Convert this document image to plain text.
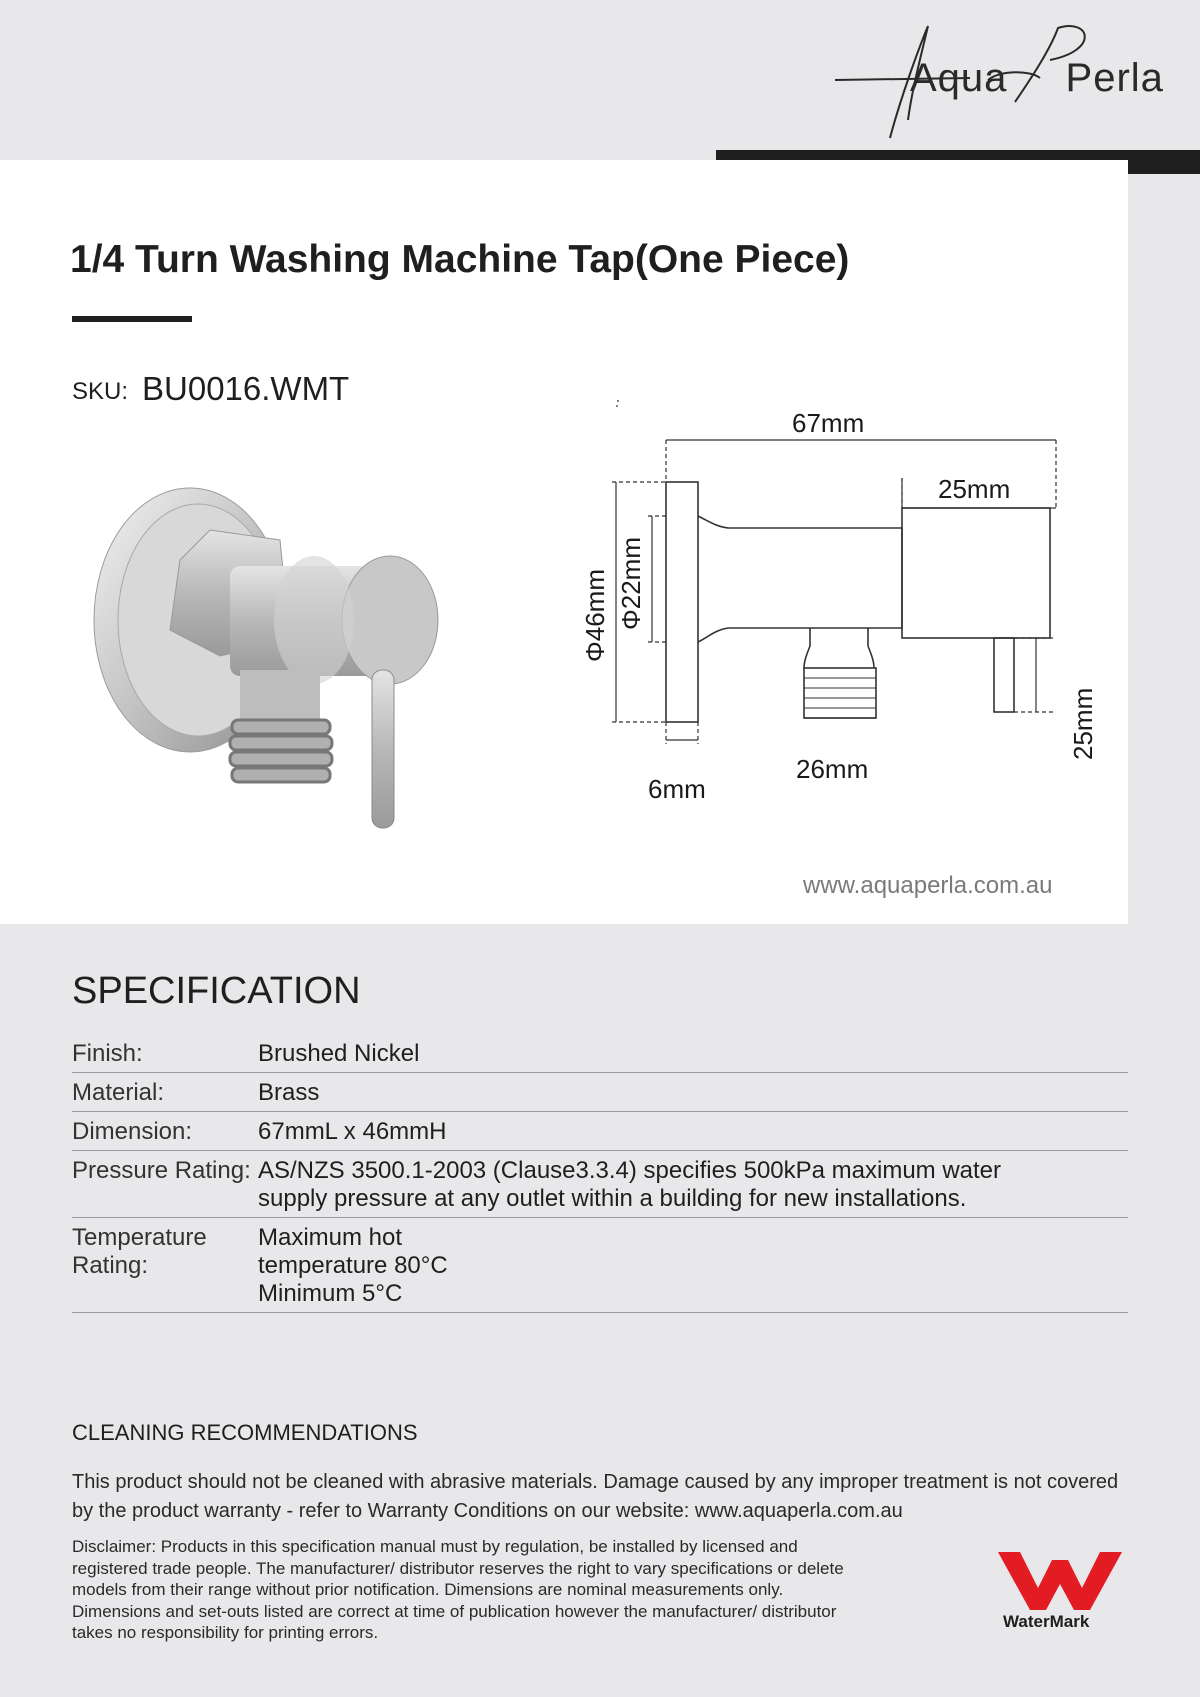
Aqua Perla
1/4 Turn Washing Machine Tap(One Piece)
SKU: BU0016.WMT
67mm
25mm
Φ46mm Φ22mm
6mm
26mm
25mm
www.aquaperla.com.au
SPECIFICATION
Finish:	Brushed Nickel
Material:	Brass
Dimension:	67mmL x 46mmH
Pressure Rating:	AS/NZS 3500.1-2003 (Clause3.3.4) specifies 500kPa maximum water supply pressure at any outlet within a building for new installations.
Temperature Rating:	Maximum hot temperature 80°C Minimum 5°C
CLEANING RECOMMENDATIONS
This product should not be cleaned with abrasive materials. Damage caused by any improper treatment is not covered by the product warranty - refer to Warranty Conditions on our website: www.aquaperla.com.au
Disclaimer: Products in this specification manual must by regulation, be installed by licensed and registered trade people. The manufacturer/ distributor reserves the right to vary specifications or delete models from their range without prior notification. Dimensions are nominal measurements only. Dimensions and set-outs listed are correct at time of publication however the manufacturer/ distributor takes no responsibility for printing errors.
WaterMark
